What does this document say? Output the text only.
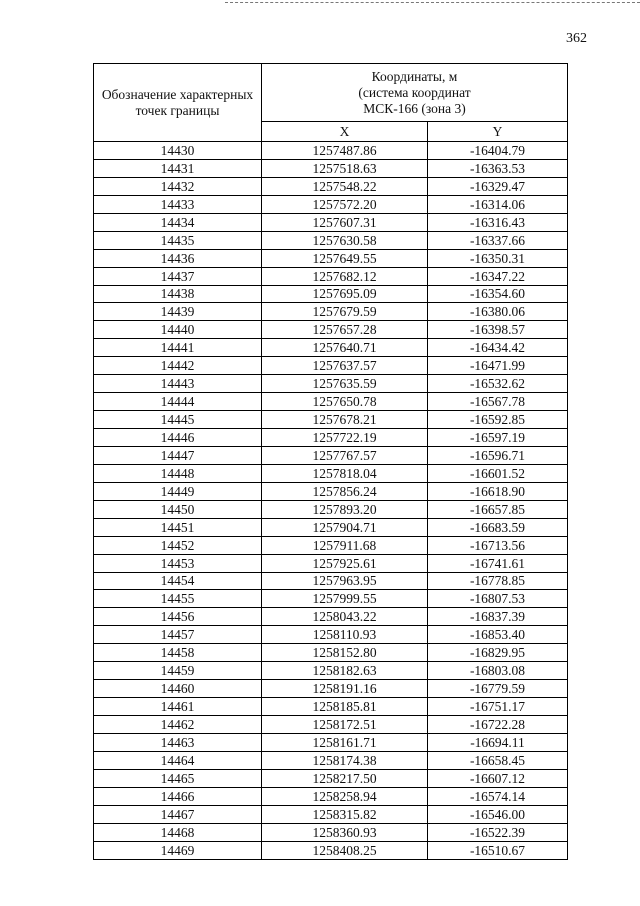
362
Обозначение характерных точек границы	Координаты, м
(система координат
МСК-166 (зона 3)	

	X	Y
14430	1257487.86	-16404.79
14431	1257518.63	-16363.53
14432	1257548.22	-16329.47
14433	1257572.20	-16314.06
14434	1257607.31	-16316.43
14435	1257630.58	-16337.66
14436	1257649.55	-16350.31
14437	1257682.12	-16347.22
14438	1257695.09	-16354.60
14439	1257679.59	-16380.06
14440	1257657.28	-16398.57
14441	1257640.71	-16434.42
14442	1257637.57	-16471.99
14443	1257635.59	-16532.62
14444	1257650.78	-16567.78
14445	1257678.21	-16592.85
14446	1257722.19	-16597.19
14447	1257767.57	-16596.71
14448	1257818.04	-16601.52
14449	1257856.24	-16618.90
14450	1257893.20	-16657.85
14451	1257904.71	-16683.59
14452	1257911.68	-16713.56
14453	1257925.61	-16741.61
14454	1257963.95	-16778.85
14455	1257999.55	-16807.53
14456	1258043.22	-16837.39
14457	1258110.93	-16853.40
14458	1258152.80	-16829.95
14459	1258182.63	-16803.08
14460	1258191.16	-16779.59
14461	1258185.81	-16751.17
14462	1258172.51	-16722.28
14463	1258161.71	-16694.11
14464	1258174.38	-16658.45
14465	1258217.50	-16607.12
14466	1258258.94	-16574.14
14467	1258315.82	-16546.00
14468	1258360.93	-16522.39
14469	1258408.25	-16510.67
